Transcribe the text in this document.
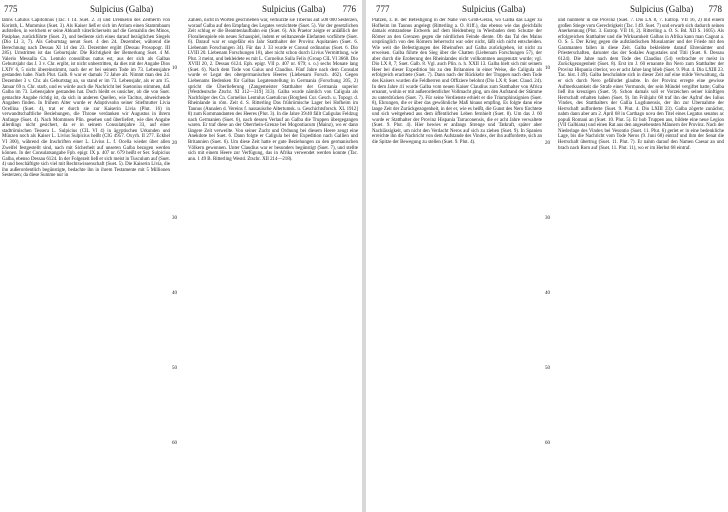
775	Sulpicius (Galba)	Sulpicius (Galba) 776

tatins Catulus Capitolinus (Tac. I 14. Suet. 2. 3) und Urenkelin des Zeitherrn von Korinth, L. Mummius (Suet. 3). Als Kaiser ließ er sich im Atrium einen Stammbaum aufstellen, in welchem er seine Abkunft väterlicherseits auf die Gemahlin des Minos, Pasiphae, zurückführte (Suet. 2), und bediente sich eines darauf bezüglichen Siegels (Dio LI 3, 7). Als Geburtstag nennt Suet. 4 den 24. Dezember, während die Berechnung nach Dessau XI 14 den 23. Dezember ergibt (Dessau Prosopogr. III 285). Umstritten ist das Geburtsjahr. Die Richtigkeit der Bemerkung Suet. 4 M. Valerio Messalla Cn. Lentulo consulibus natus est, aus der sich als Galbas Geburtsjahr das J. 3 v. Chr. ergibt, ist nicht unbestritten, da dies mit der Angabe Dios LXIV 6, 5 nicht übereinstimmt, nach der er bei seinem Tode im 73. Lebensjahre gestanden habe. Nach Plut. Galb. 8 war er damals 72 Jahre alt. Nimmt man den 24. Dezember 3 v. Chr. als Geburtstag an, so stand er im 73. Lebensjahr, als er am 15. Januar 69 n. Chr. starb, und es würde auch die Nachricht bei Suetonius stimmen, daß Galba im 73. Lebensjahre gestanden hat. Doch bleibt es unsicher, ob die von Suet. gemachte Angabe richtig ist, da sich in anderen Quellen, wie Tacitus, abweichende Angaben finden. In frühem Alter wurde er Adoptivsohn seiner Stiefmutter Livia Ocellina (Suet. 4), trat er durch sie zur Kaiserin Livia (Plut. 16) in verwandtschaftliche Beziehungen, die Throne verdanken wir Augustus in ihrem Anfange (Suet. 4). Nach Mommsen Plin. gesehen und überliefert, wie dies Angabe allerdings nicht gesichert, da er in seinem Consulatsjahre 33, auf einer stadtrömischen Tessera L. Sulpicius (CIL VI 4) in ägyptischen Urkunden und Münzen noch als Kaiser L. Livius Sulpicius heißt (CIG 4957. Oxyrh. II 277. Eckhel VI 300), während die Inschriften einer L. Livius L. f. Ocella wieder über allen Zweifel festgestellt sind, nach mit Sicherheit auf unseren Galba bezogen werden können. In der Consulatsangabe Fpb. epigr. IX p. 407 nr. 679 heißt er Ser. Sulpicius Galba, ebenso Dessau 6124. In der Folgezeit ließ er sich meist in Tusculum auf (Suet. 4) und beschäftigte sich viel mit Rechtswissenschaft (Suet. 5). Die Kaiserin Livia, die ihn außerordentlich begünstigte, bedachte ihn in ihrem Testamente mit 5 Millionen Sesterzen; da diese Summe nur in

10
20
30
40
50
60

Zahlen, nicht in Worten geschrieben war, verkürzte sie Tiberius auf 500 000 Sesterzen, worauf Galba auf den Empfang des Legates verzichtete (Suet. 5). Vor der gesetzlichen Zeit schlug er die Beamtenlaufbahn ein (Suet. 6). Als Praetor zeigte er anläßlich der Floralienspiele ein neues Schauspiel, indem er seiltanzende Elefanten vorführte (Suet. 6). Darauf war er ungefähr ein Jahr Statthalter der Provinz Aquitanien (Suet. 6. Liebenam Forschungen 34). Für das J. 33 wurde er Consul ordinarius (Suet. 6. Dio LVIII 20. Liebenam Forschungen 18), aber nicht schon durch Livius Vermittlung, wie Plut. 3 meint, und bekleidete es mit L. Cornelius Sulla Felix (Group CIL VI 3668. Dio XVIII 20, 2. Dessau 6124. Eph. epigr. VII p. 407 nr. 679; s. o.) sechs Monate lang (Suet. 6). Nach dem Tode von Gaius und Claudius. Fünf Jahre nach dem Consulat wurde er Legat des obergermanischen Heeres (Liebenam Forsch. 462). Gegen Liebenams Bedenken für Galbas Legatenstellung in Germania (Forschung 205, 2) spricht die Überlieferung (Zangemeister Statthalter der Germania superior [Westdeutsche Ztschr. XI 312—319] 313). Galba wurde nämlich von Caligula als Nachfolger des Cn. Cornelius Lentulus Gaetulicus (Borghesi Cur. Gesch. u. Topogr. d. Rheinlande in röm. Zeit d. S. Ritterling Das frührömische Lager bei Hofheim im Taunus (Annalen d. Vereins f. nassauische Altertumsk. u. Geschichtsforsch. XL 1912] 8) zum Kommandanten des Heeres (Plut. 3). In die Jahre 39/40 fällt Caligulas Feldzug nach Germanien (Suet. 6), nach dessen Verlauf an Galba die Truppen übergegangen waren. Er traf diese an der Oberrhein-Grenze bei Mogontiacum (Mainz), wo er dann längere Zeit verweilte. Von seiner Zucht und Ordnung bei diesem Heere zeugt eine Anekdote bei Suet. 6. Dann folgte er Caligula bei der Expedition nach Gallien und Britannien (Suet. 6). Um diese Zeit hatte er gute Beziehungen zu den germanischen Völkern gewonnen. Unter Claudius war er besonders begünstigt (Suet. 7), und stellte sich mit einem Heere zur Verfügung, das in Afrika verwendet werden konnte (Tac. ann. 1 49 B. Ritterling Westd. Ztschr. XII 214—218).

777	Sulpicius (Galba)	Sulpicius (Galba) 778

Plätzen, z. B. der Befestigung in der Nähe von Groß-Gerau, wo Galba das Lager zu Hofheim im Taunus angelegt (Ritterling a. O. 81ff.), das ebenso wie das gleichfalls damals entstandene Erdwerk auf dem Heidenberg in Wiesbaden dem Schutze der Römer an den Grenzen gegen die nördlichen Feinde diente. Ob das Tal des Mains ursprünglich von den Römern beherrscht war oder nicht, läßt sich nicht entscheiden. Wie weit die Befestigungen des Rheinufers auf Galba zurückgehen, ist nicht zu erweisen. Galba führte den Sieg über die Chatten (Liebenam Forschungen 57), der aber durch die Eroberung des Rheinlandes nicht vollkommen ausgenutzt wurde; vgl. Dio LX 8, 7; Suet. Galb. 8. Vgl. auch Plin. n. h. XXII 13. Galba hielt sich mit seinem Heer bei dieser Expedition bis zu den Britannien in einer Weise, die Caligula als erfolgreich erachtete (Suet. 7). Dann nach der Rückkehr der Truppen nach dem Tode des Kaisers wurden die Feldherren und Offiziere belohnt (Dio LX 8; Suet. Claud. 24). In dem Jahre 41 wurde Galba vom neuen Kaiser Claudius zum Statthalter von Africa ernannt, wohin er mit außerordentlicher Vollmacht ging, um den Aufstand der Stämme zu unterdrücken (Suet. 7). Für seine Verdienste erhielt er die Triumphinsignien (Suet. 8), Ehrungen, die er über das gewöhnliche Maß hinaus empfing. Es folgte dann eine lange Zeit der Zurückgezogenheit, in der er, wie es heißt, die Gunst des Nero fürchtete und sich weitgehend aus dem öffentlichen Leben fernhielt (Suet. 8). Um das J. 60 wurde er Statthalter der Provinz Hispania Tarraconensis, die er acht Jahre verwaltete (Suet. 9. Plut. 4). Hier bewies er anfangs Strenge und Tatkraft, später aber Nachlässigkeit, um nicht den Verdacht Neros auf sich zu ziehen (Suet. 9). In Spanien erreichte ihn die Nachricht von dem Aufstande des Vindex, der ihn aufforderte, sich an die Spitze der Bewegung zu stellen (Suet. 9. Plut. 4).

10
20
30
40
50
60

und nunmehr in die Provinz (Suet. 7. Dio LX 8, 7. Eutrop. VII 16, 2) mit einem großen Stiege vom Gerechtigkeit (Tac. I 49. Suet. 7) und erwarb sich dadurch seinen Anerkennung (Plut. 3. Eutrop. VII 16, 2). Ritterling a. O. S. Bd. XII S. 1605). Als erfolgreichen Statthalter und die Wirksamkeit Galbas in Afrika kann man Cagnat a. O. S. 5. Der Krieg gegen die aufständischen Musulamier und der Friede mit den Garamanten fallen in diese Zeit. Galba bekleidete darauf Ehrenämter und Priesterschaften, darunter das der Sodales Augustales und Titii (Suet. 8. Dessau 6124). Die Jahre nach dem Tode des Claudius (54) verbrachte er meist in Zurückgezogenheit (Suet. 8). Erst im J. 60 ernannte ihn Nero zum Statthalter der Provinz Hispania citerior, wo er acht Jahre lang blieb (Suet. 9. Plut. 4. Dio LXIII 23. Tac. hist. I 49). Galba beschränkte sich in dieser Zeit auf eine milde Verwaltung, da er sich durch Nero gefährdet glaubte. In der Provinz erregte eine gewisse Aufmerksamkeit die Strafe eines Vormunds, der sein Mündel vergiftet hatte; Galba ließ ihn kreuzigen (Suet. 9). Schon damals soll er Vorzeichen seiner künftigen Herrschaft erhalten haben (Suet. 9). Im Frühjahr 68 traf ihn der Aufruf des Iulius Vindex, des Statthalters der Gallia Lugdunensis, der ihn zur Übernahme der Herrschaft aufforderte (Suet. 9. Plut. 4. Dio LXIII 23). Galba zögerte zunächst, nahm dann aber am 2. April 68 in Carthago nova den Titel eines Legatus senatus ac populi Romani an (Suet. 10. Plut. 5). Er hob Truppen aus, bildete eine neue Legion (VII Galbiana) und einen Rat aus den angesehensten Männern der Provinz. Nach der Niederlage des Vindex bei Vesontio (Suet. 11. Plut. 6) geriet er in eine bedenkliche Lage, bis die Nachricht vom Tode Neros (9. Juni 68) eintraf und ihm der Senat die Herrschaft übertrug (Suet. 11. Plut. 7). Er nahm darauf den Namen Caesar an und brach nach Rom auf (Suet. 11. Plut. 11), wo er im Herbst 68 eintraf.
